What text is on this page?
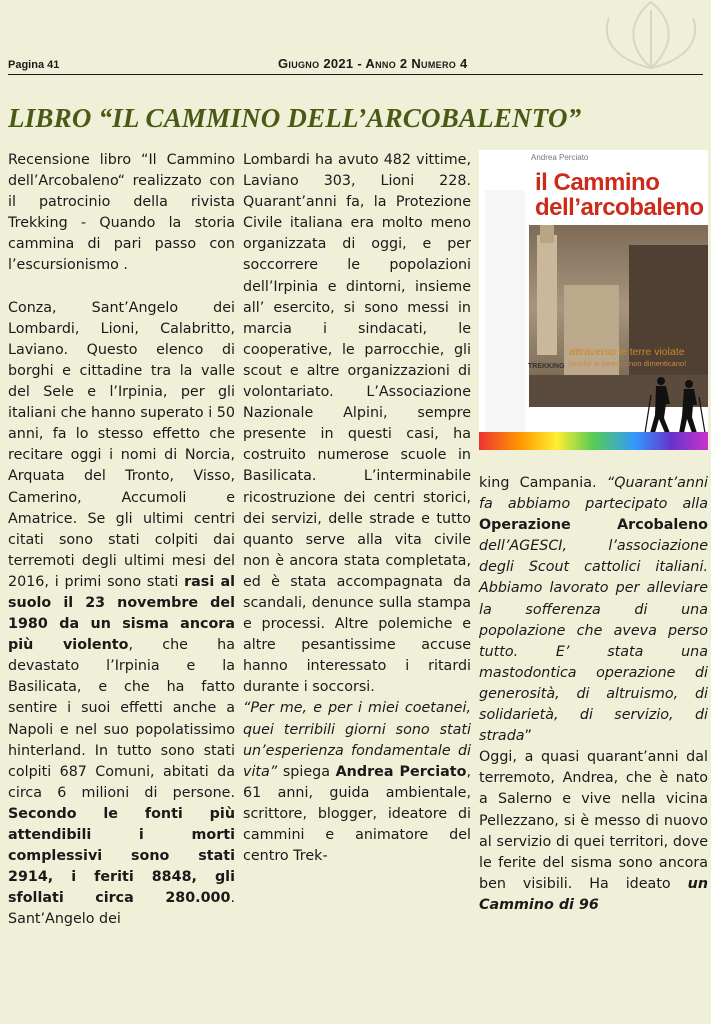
Pagina 41	Giugno 2021 - Anno 2 Numero 4
LIBRO “IL CAMMINO DELL’ARCOBALENTO”

Recensione libro “Il Cammino dell’Arcobaleno“ realizzato con il patrocinio della rivista Trekking - Quando la storia cammina di pari passo con l’escursionismo .

Conza, Sant’Angelo dei Lombardi, Lioni, Calabritto, Laviano. Questo elenco di borghi e cittadine tra la valle del Sele e l’Irpinia, per gli italiani che hanno superato i 50 anni, fa lo stesso effetto che recitare oggi i nomi di Norcia, Arquata del Tronto, Visso, Camerino, Accumoli e Amatrice. Se gli ultimi centri citati sono stati colpiti dai terremoti degli ultimi mesi del 2016, i primi sono stati rasi al suolo il 23 novembre del 1980 da un sisma ancora più violento, che ha devastato l’Irpinia e la Basilicata, e che ha fatto sentire i suoi effetti anche a Napoli e nel suo popolatissimo hinterland. In tutto sono stati colpiti 687 Comuni, abitati da circa 6 milioni di persone. Secondo le fonti più attendibili i morti complessivi sono stati 2914, i feriti 8848, gli sfollati circa 280.000. Sant’Angelo dei

Lombardi ha avuto 482 vittime, Laviano 303, Lioni 228. Quarant’anni fa, la Protezione Civile italiana era molto meno organizzata di oggi, e per soccorrere le popolazioni dell’Irpinia e dintorni, insieme all’ esercito, si sono messi in marcia i sindacati, le cooperative, le parrocchie, gli scout e altre organizzazioni di volontariato. L’Associazione Nazionale Alpini, sempre presente in questi casi, ha costruito numerose scuole in Basilicata. L’interminabile ricostruzione dei centri storici, dei servizi, delle strade e tutto quanto serve alla vita civile non è ancora stata completata, ed è stata accompagnata da scandali, denunce sulla stampa e processi. Altre polemiche e altre pesantissime accuse hanno interessato i ritardi durante i soccorsi.

“Per me, e per i miei coetanei, quei terribili giorni sono stati un’esperienza fondamentale di vita” spiega Andrea Perciato, 61 anni, guida ambientale, scrittore, blogger, ideatore di cammini e animatore del centro Trek-

Andrea Perciato
il Cammino
dell’arcobaleno
attraverso le terre violate
perché le pietre... non dimenticano!
TREKKING

king Campania. “Quarant’anni fa abbiamo partecipato alla Operazione Arcobaleno dell’AGESCI, l’associazione degli Scout cattolici italiani. Abbiamo lavorato per alleviare la sofferenza di una popolazione che aveva perso tutto. E’ stata una mastodontica operazione di generosità, di altruismo, di solidarietà, di servizio, di strada”

Oggi, a quasi quarant’anni dal terremoto, Andrea, che è nato a Salerno e vive nella vicina Pellezzano, si è messo di nuovo al servizio di quei territori, dove le ferite del sisma sono ancora ben visibili. Ha ideato un Cammino di 96
